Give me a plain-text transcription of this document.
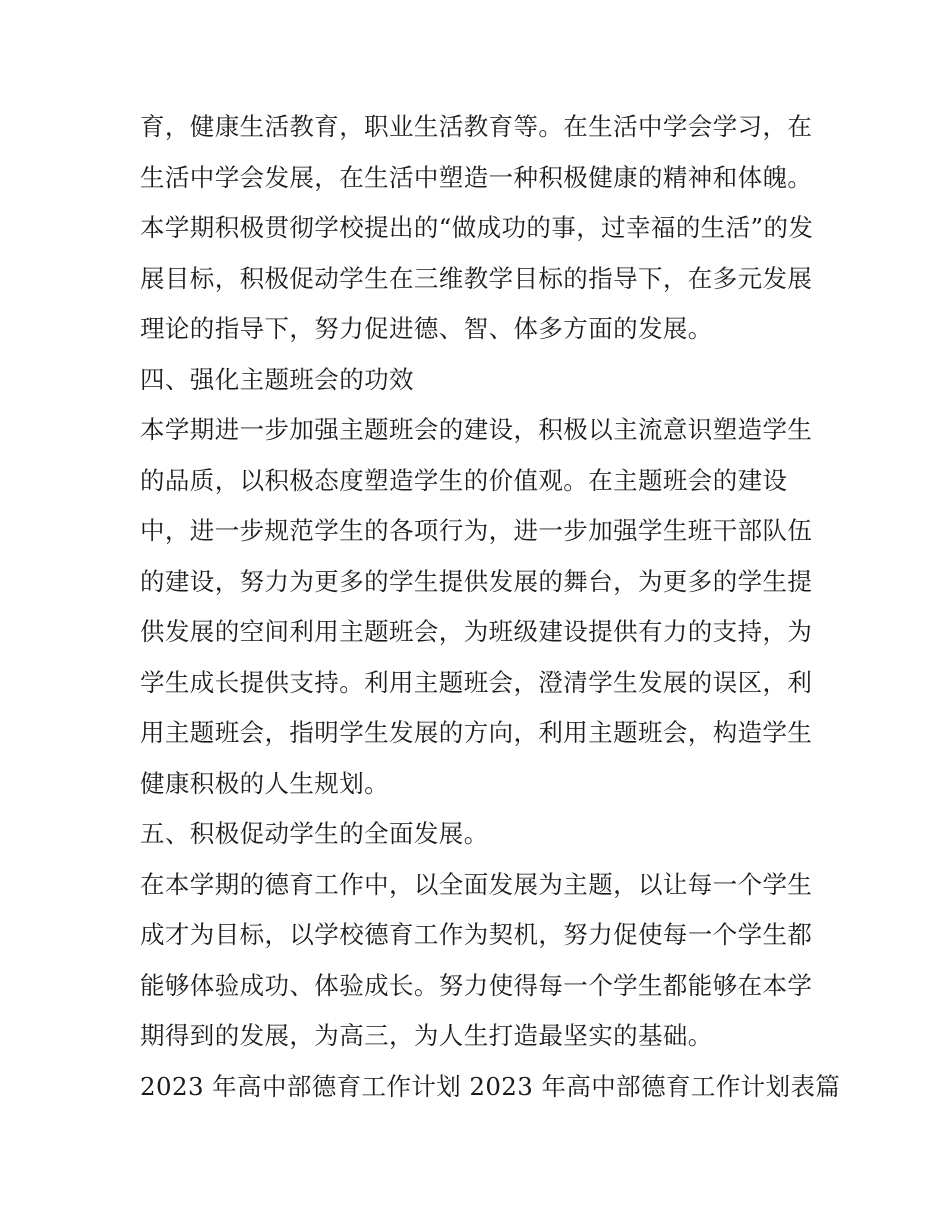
育，健康生活教育，职业生活教育等。在生活中学会学习，在
生活中学会发展，在生活中塑造一种积极健康的精神和体魄。
本学期积极贯彻学校提出的“做成功的事，过幸福的生活”的发
展目标，积极促动学生在三维教学目标的指导下，在多元发展
理论的指导下，努力促进德、智、体多方面的发展。
四、强化主题班会的功效
本学期进一步加强主题班会的建设，积极以主流意识塑造学生
的品质，以积极态度塑造学生的价值观。在主题班会的建设
中，进一步规范学生的各项行为，进一步加强学生班干部队伍
的建设，努力为更多的学生提供发展的舞台，为更多的学生提
供发展的空间利用主题班会，为班级建设提供有力的支持，为
学生成长提供支持。利用主题班会，澄清学生发展的误区，利
用主题班会，指明学生发展的方向，利用主题班会，构造学生
健康积极的人生规划。
五、积极促动学生的全面发展。
在本学期的德育工作中，以全面发展为主题，以让每一个学生
成才为目标，以学校德育工作为契机，努力促使每一个学生都
能够体验成功、体验成长。努力使得每一个学生都能够在本学
期得到的发展，为高三，为人生打造最坚实的基础。
2023 年高中部德育工作计划 2023 年高中部德育工作计划表篇
